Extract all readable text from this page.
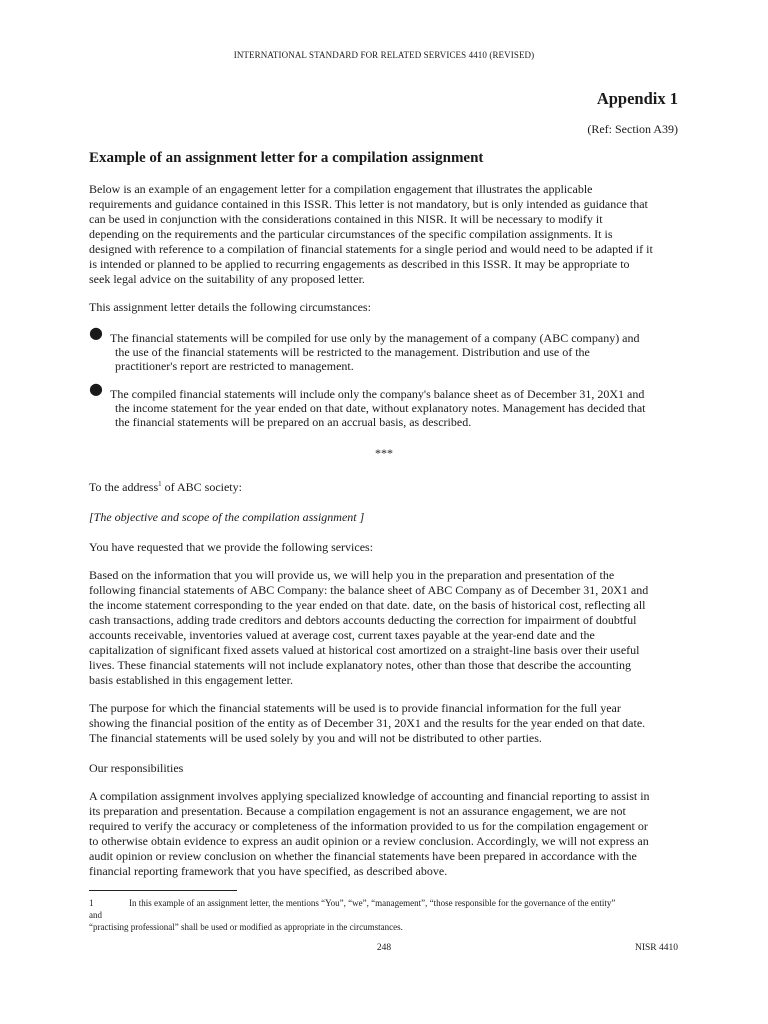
INTERNATIONAL STANDARD FOR RELATED SERVICES 4410 (REVISED)
Appendix 1
(Ref: Section A39)
Example of an assignment letter for a compilation assignment
Below is an example of an engagement letter for a compilation engagement that illustrates the applicable
requirements and guidance contained in this ISSR. This letter is not mandatory, but is only intended as guidance that
can be used in conjunction with the considerations contained in this NISR. It will be necessary to modify it
depending on the requirements and the particular circumstances of the specific compilation assignments. It is
designed with reference to a compilation of financial statements for a single period and would need to be adapted if it
is intended or planned to be applied to recurring engagements as described in this ISSR. It may be appropriate to
seek legal advice on the suitability of any proposed letter.
This assignment letter details the following circumstances:
● The financial statements will be compiled for use only by the management of a company (ABC company) and
the use of the financial statements will be restricted to the management. Distribution and use of the
practitioner's report are restricted to management.
● The compiled financial statements will include only the company's balance sheet as of December 31, 20X1 and
the income statement for the year ended on that date, without explanatory notes. Management has decided that
the financial statements will be prepared on an accrual basis, as described.
***
To the address$^1$ of ABC society:
[The objective and scope of the compilation assignment ]
You have requested that we provide the following services:
Based on the information that you will provide us, we will help you in the preparation and presentation of the
following financial statements of ABC Company: the balance sheet of ABC Company as of December 31, 20X1 and
the income statement corresponding to the year ended on that date. date, on the basis of historical cost, reflecting all
cash transactions, adding trade creditors and debtors accounts deducting the correction for impairment of doubtful
accounts receivable, inventories valued at average cost, current taxes payable at the year-end date and the
capitalization of significant fixed assets valued at historical cost amortized on a straight-line basis over their useful
lives. These financial statements will not include explanatory notes, other than those that describe the accounting
basis established in this engagement letter.
The purpose for which the financial statements will be used is to provide financial information for the full year
showing the financial position of the entity as of December 31, 20X1 and the results for the year ended on that date.
The financial statements will be used solely by you and will not be distributed to other parties.
Our responsibilities
A compilation assignment involves applying specialized knowledge of accounting and financial reporting to assist in
its preparation and presentation. Because a compilation engagement is not an assurance engagement, we are not
required to verify the accuracy or completeness of the information provided to us for the compilation engagement or
to otherwise obtain evidence to express an audit opinion or a review conclusion. Accordingly, we will not express an
audit opinion or review conclusion on whether the financial statements have been prepared in accordance with the
financial reporting framework that you have specified, as described above.
1	In this example of an assignment letter, the mentions “You”, “we”, “management”, “those responsible for the governance of the entity”
and
“practising professional” shall be used or modified as appropriate in the circumstances.
248	NISR 4410
